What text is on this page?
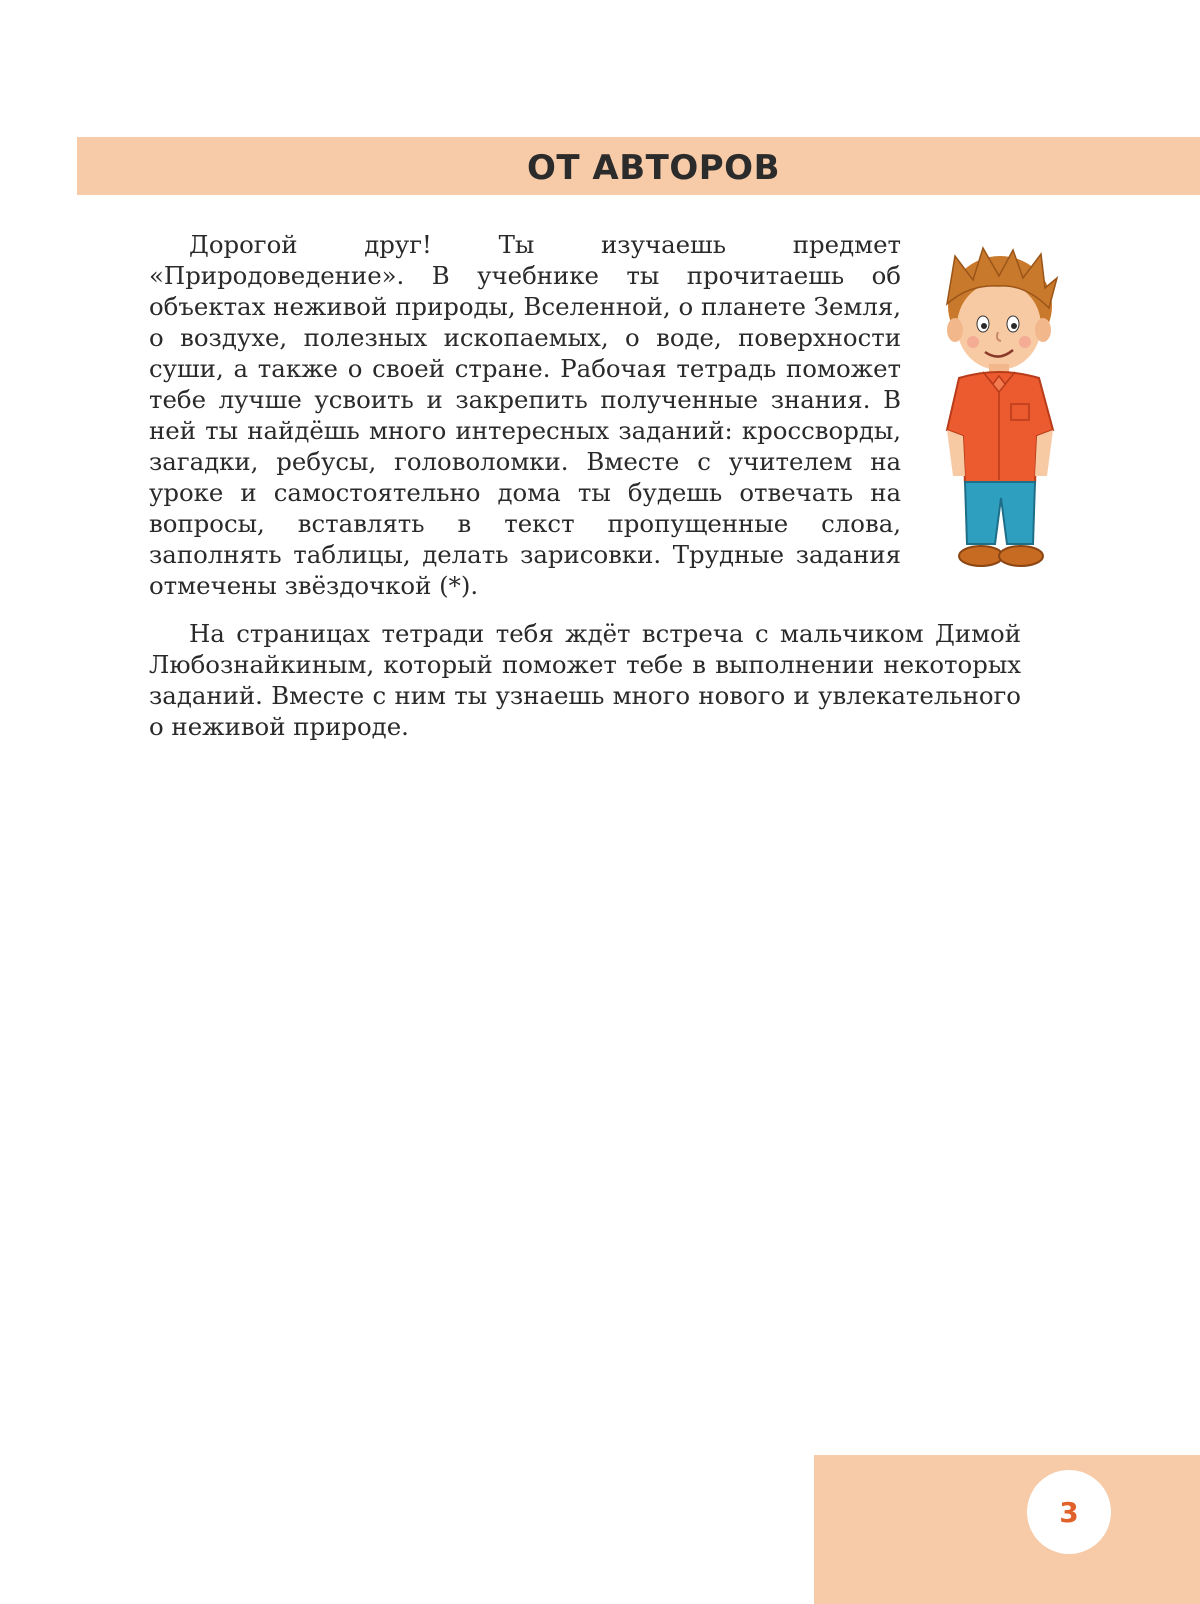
ОТ АВТОРОВ

Дорогой друг! Ты изучаешь предмет «Природоведение». В учебнике ты прочитаешь об объектах неживой природы, Вселенной, о планете Земля, о воздухе, полезных ископаемых, о воде, поверхности суши, а также о своей стране. Рабочая тетрадь поможет тебе лучше усвоить и закрепить полученные знания. В ней ты найдёшь много интересных заданий: кроссворды, загадки, ребусы, головоломки. Вместе с учителем на уроке и самостоятельно дома ты будешь отвечать на вопросы, вставлять в текст пропущенные слова, заполнять таблицы, делать зарисовки. Трудные задания отмечены звёздочкой (*).

На страницах тетради тебя ждёт встреча с мальчиком Димой Любознайкиным, который поможет тебе в выполнении некоторых заданий. Вместе с ним ты узнаешь много нового и увлекательного о неживой природе.

3
